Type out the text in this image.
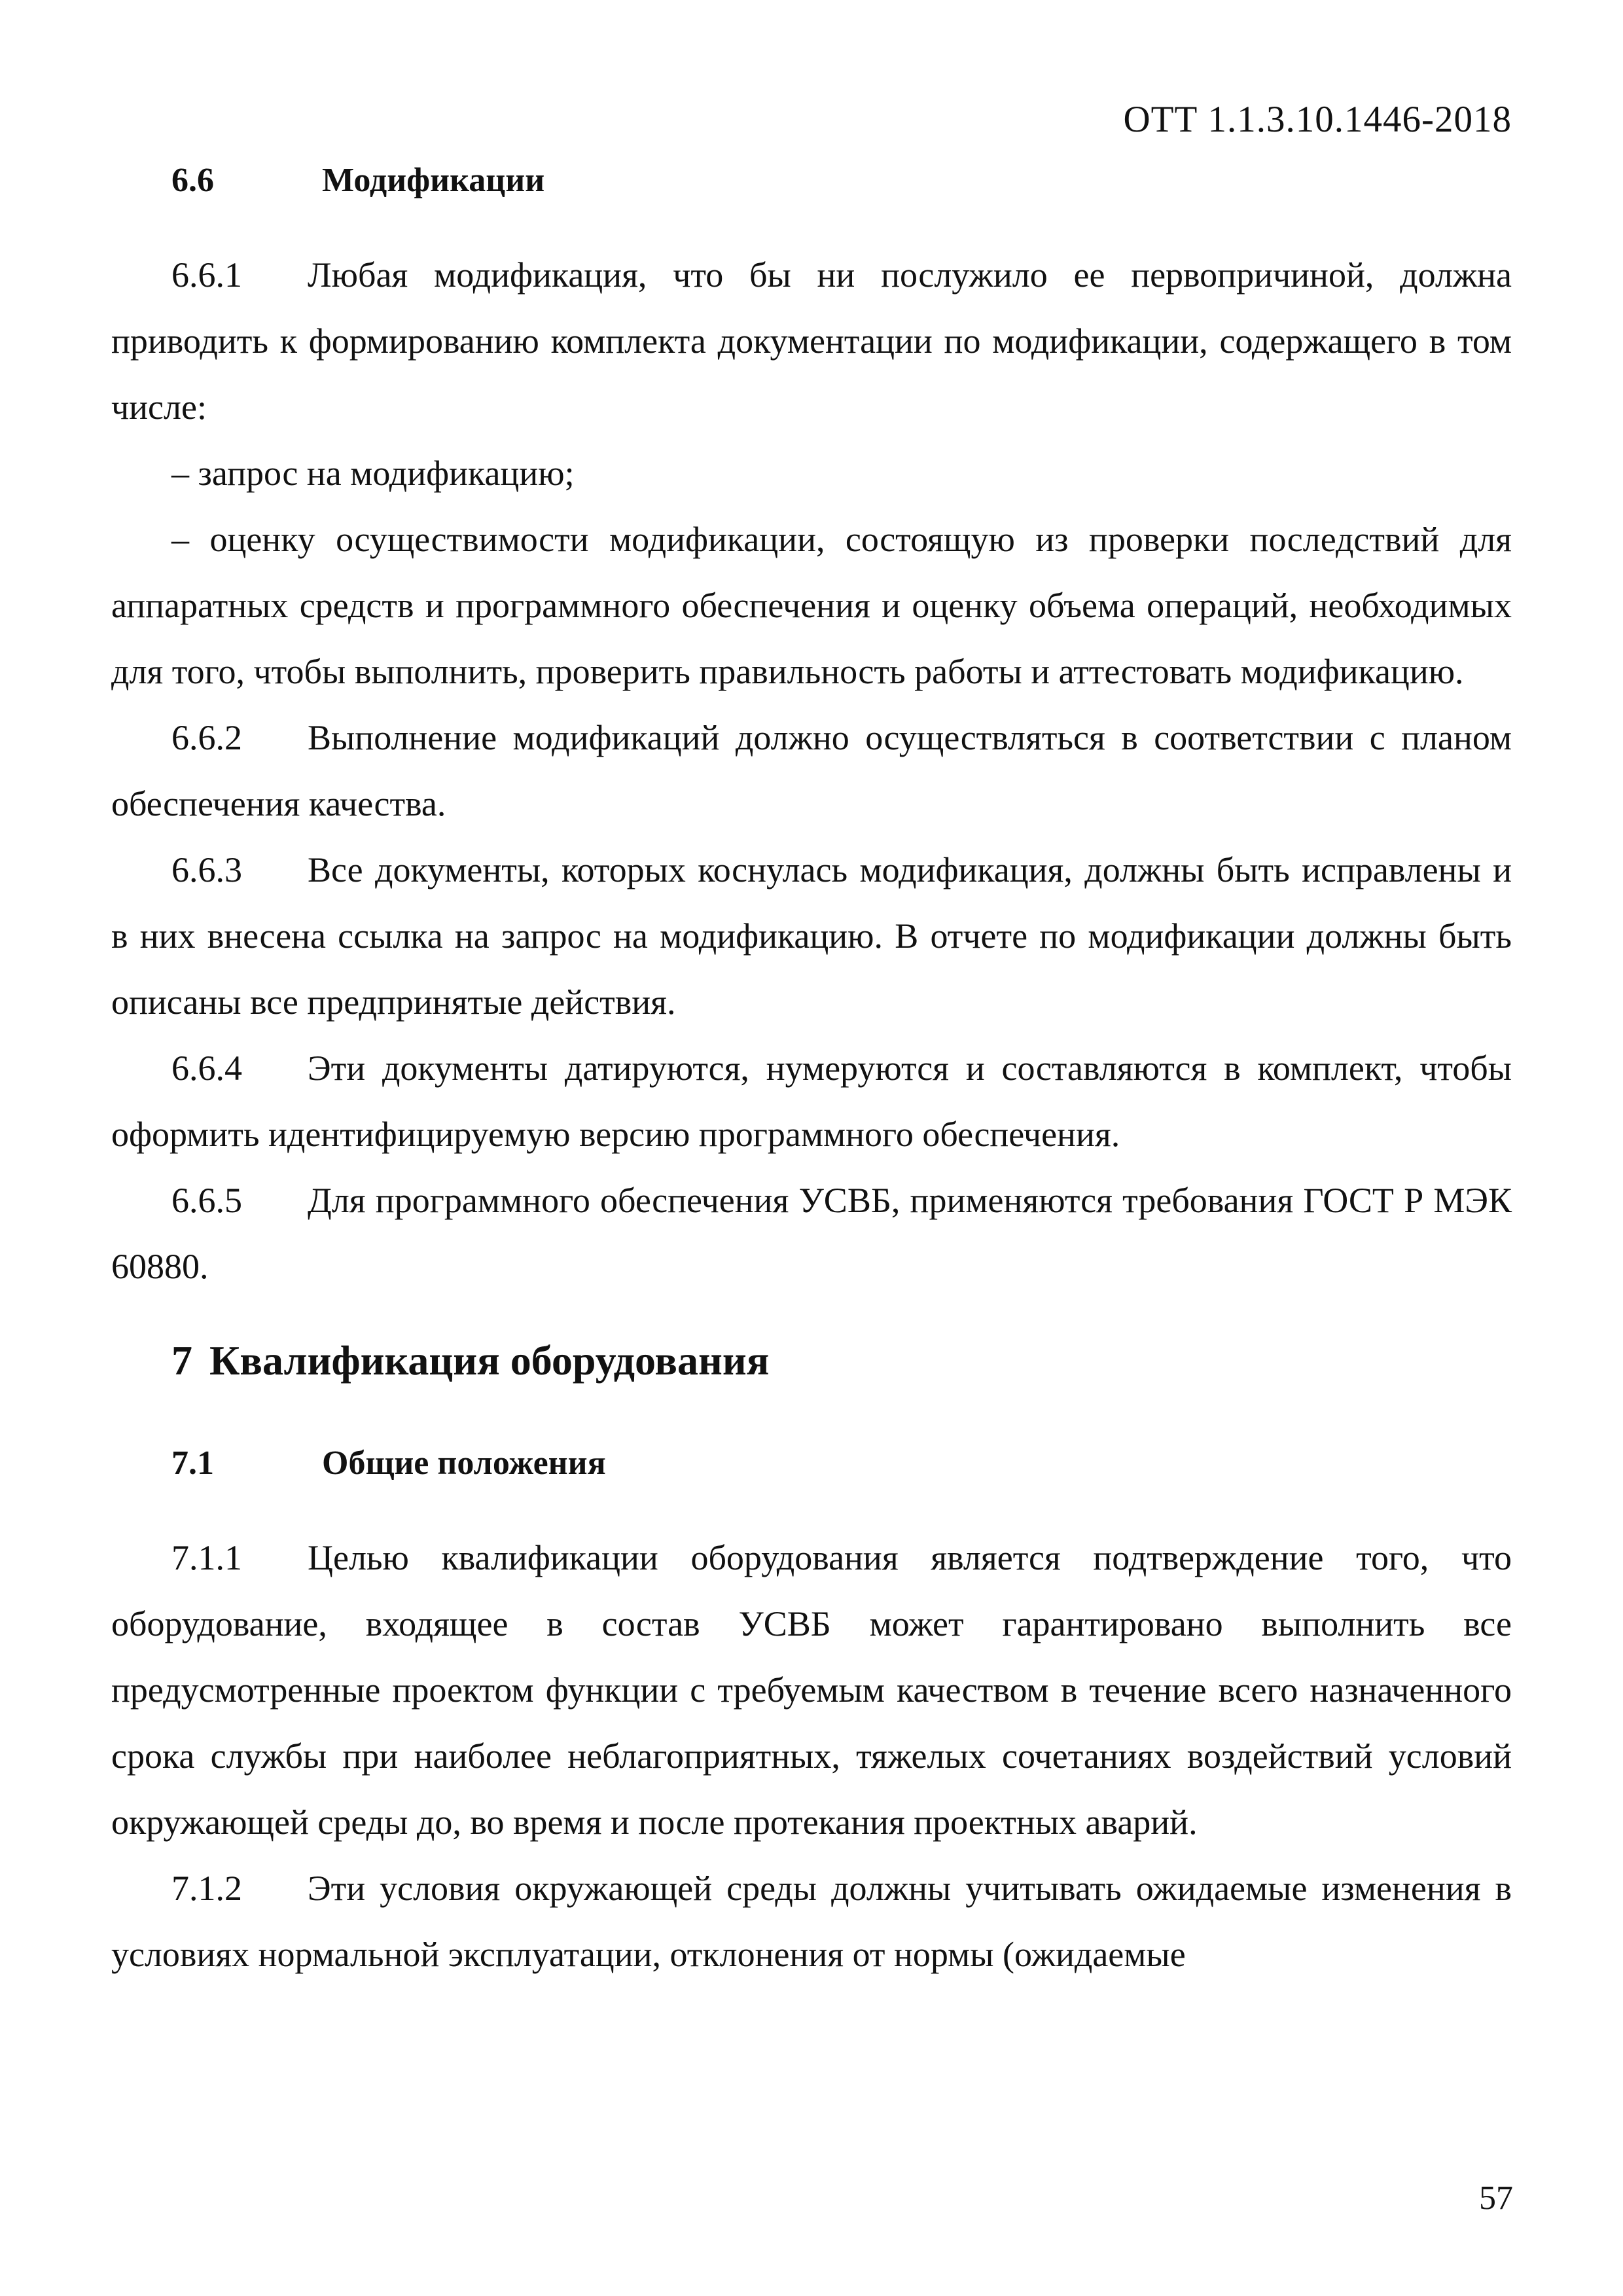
ОТТ 1.1.3.10.1446-2018
6.6	Модификации

6.6.1 Любая модификация, что бы ни послужило ее первопричиной, должна приводить к формированию комплекта документации по модификации, содержащего в том числе:

– запрос на модификацию;

– оценку осуществимости модификации, состоящую из проверки последствий для аппаратных средств и программного обеспечения и оценку объема операций, необходимых для того, чтобы выполнить, проверить правильность работы и аттестовать модификацию.

6.6.2 Выполнение модификаций должно осуществляться в соответствии с планом обеспечения качества.

6.6.3 Все документы, которых коснулась модификация, должны быть исправлены и в них внесена ссылка на запрос на модификацию. В отчете по модификации должны быть описаны все предпринятые действия.

6.6.4 Эти документы датируются, нумеруются и составляются в комплект, чтобы оформить идентифицируемую версию программного обеспечения.

6.6.5 Для программного обеспечения УСВБ, применяются требования ГОСТ Р МЭК 60880.

7 Квалификация оборудования
7.1	Общие положения

7.1.1 Целью квалификации оборудования является подтверждение того, что оборудование, входящее в состав УСВБ может гарантировано выполнить все предусмотренные проектом функции с требуемым качеством в течение всего назначенного срока службы при наиболее неблагоприятных, тяжелых сочетаниях воздействий условий окружающей среды до, во время и после протекания проектных аварий.

7.1.2 Эти условия окружающей среды должны учитывать ожидаемые изменения в условиях нормальной эксплуатации, отклонения от нормы (ожидаемые

57
